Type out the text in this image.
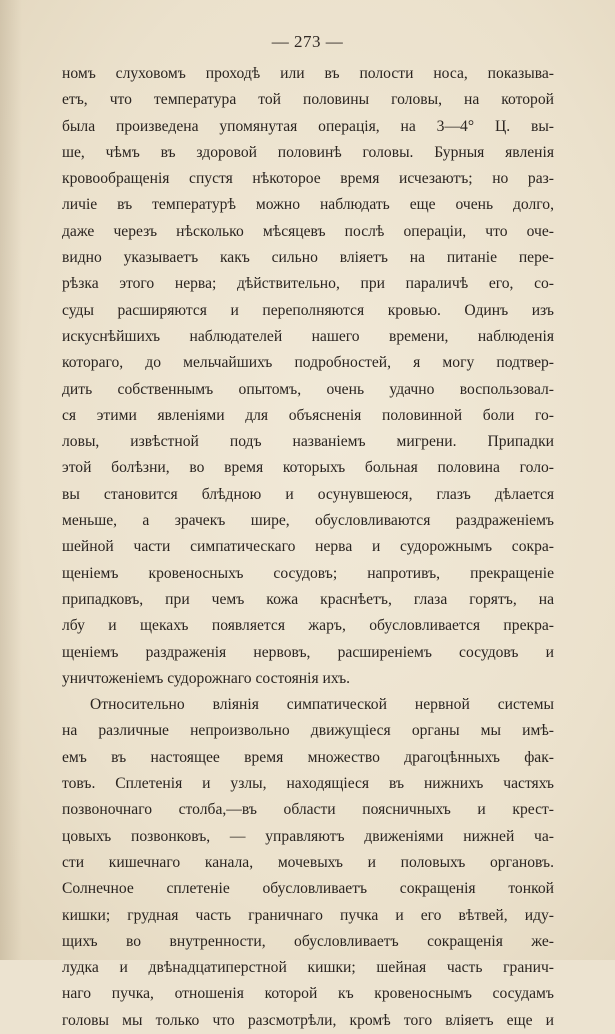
— 273 —
номъ слуховомъ проходѣ или въ полости носа, показыва-
етъ, что температура той половины головы, на которой
была произведена упомянутая операція, на 3—4° Ц. вы-
ше, чѣмъ въ здоровой половинѣ головы. Бурныя явленія
кровообращенія спустя нѣкоторое время исчезаютъ; но раз-
личіе въ температурѣ можно наблюдать еще очень долго,
даже черезъ нѣсколько мѣсяцевъ послѣ операціи, что оче-
видно указываетъ какъ сильно вліяетъ на питаніе пере-
рѣзка этого нерва; дѣйствительно, при параличѣ его, со-
суды расширяются и переполняются кровью. Одинъ изъ
искуснѣйшихъ наблюдателей нашего времени, наблюденія
котораго, до мельчайшихъ подробностей, я могу подтвер-
дить собственнымъ опытомъ, очень удачно воспользовал-
ся этими явленіями для объясненія половинной боли го-
ловы, извѣстной подъ названіемъ мигрени. Припадки
этой болѣзни, во время которыхъ больная половина голо-
вы становится блѣдною и осунувшеюся, глазъ дѣлается
меньше, а зрачекъ шире, обусловливаются раздраженіемъ
шейной части симпатическаго нерва и судорожнымъ сокра-
щеніемъ кровеносныхъ сосудовъ; напротивъ, прекращеніе
припадковъ, при чемъ кожа краснѣетъ, глаза горятъ, на
лбу и щекахъ появляется жаръ, обусловливается прекра-
щеніемъ раздраженія нервовъ, расширеніемъ сосудовъ и
уничтоженіемъ судорожнаго состоянія ихъ.
Относительно вліянія симпатической нервной системы
на различные непроизвольно движущіеся органы мы имѣ-
емъ въ настоящее время множество драгоцѣнныхъ фак-
товъ. Сплетенія и узлы, находящіеся въ нижнихъ частяхъ
позвоночнаго столба,—въ области поясничныхъ и крест-
цовыхъ позвонковъ, — управляютъ движеніями нижней ча-
сти кишечнаго канала, мочевыхъ и половыхъ органовъ.
Солнечное сплетеніе обусловливаетъ сокращенія тонкой
кишки; грудная часть граничнаго пучка и его вѣтвей, иду-
щихъ во внутренности, обусловливаетъ сокращенія же-
лудка и двѣнадцатиперстной кишки; шейная часть гранич-
наго пучка, отношенія которой къ кровеноснымъ сосудамъ
головы мы только что разсмотрѣли, кромѣ того вліяетъ еще и
